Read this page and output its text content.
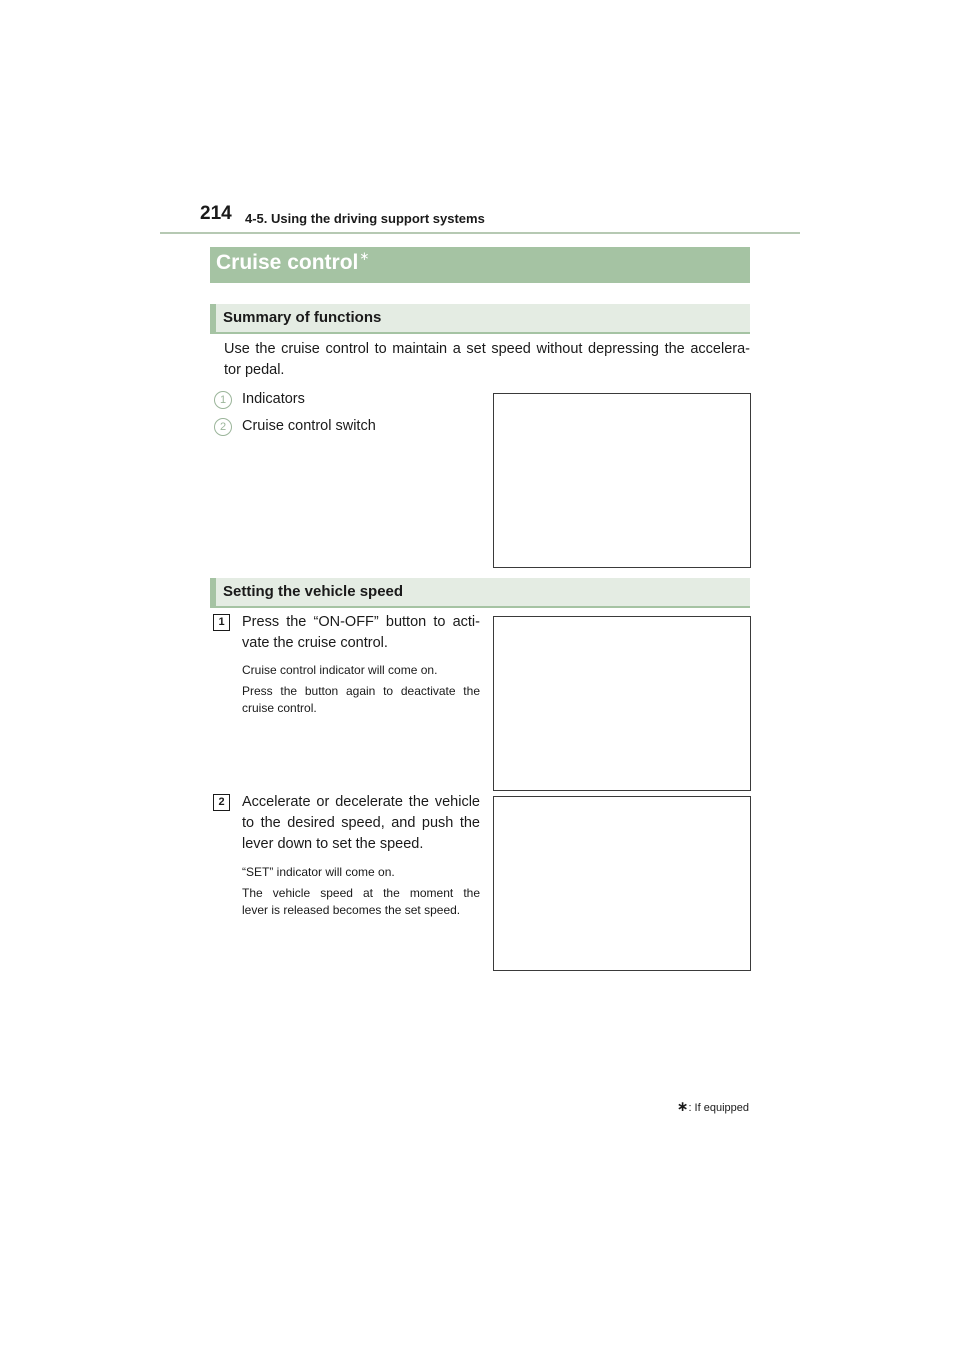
214 4-5. Using the driving support systems
Cruise control∗
Summary of functions
Use the cruise control to maintain a set speed without depressing the accelera-
tor pedal.
1	Indicators
2	Cruise control switch
Setting the vehicle speed
1	Press the “ON-OFF” button to acti-
vate the cruise control.
Cruise control indicator will come on.
Press the button again to deactivate the
cruise control.
2	Accelerate or decelerate the vehicle
to the desired speed, and push the
lever down to set the speed.
“SET” indicator will come on.
The vehicle speed at the moment the
lever is released becomes the set speed.
∗: If equipped
